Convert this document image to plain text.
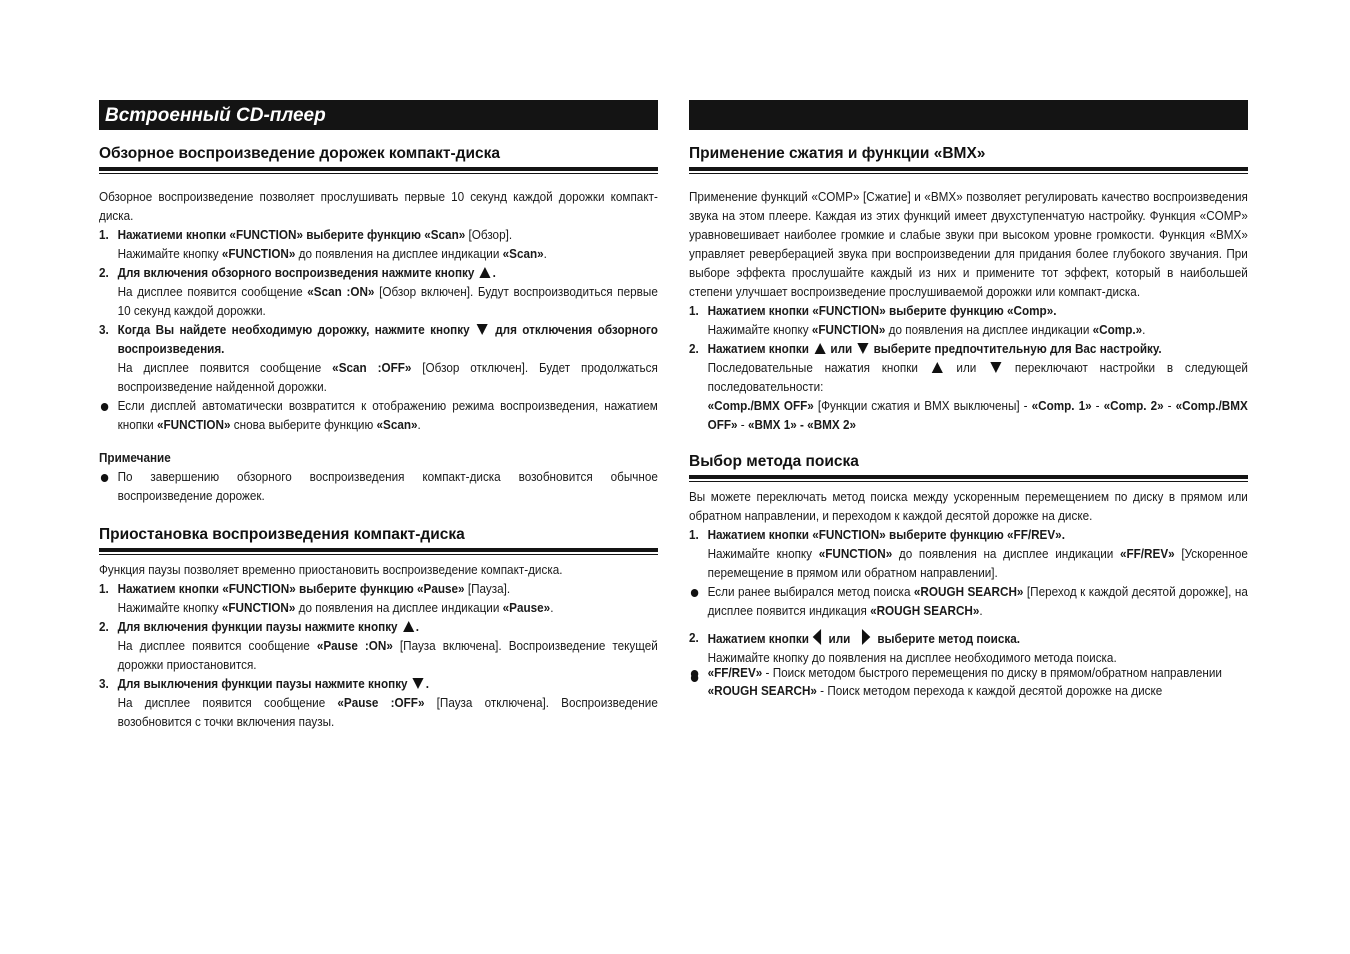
Встроенный CD-плеер
Обзорное воспроизведение дорожек компакт-диска

Обзорное воспроизведение позволяет прослушивать первые 10 секунд каждой дорожки компакт-диска.

1. Нажатиеми кнопки «FUNCTION» выберите функцию «Scan» [Обзор].
Нажимайте кнопку «FUNCTION» до появления на дисплее индикации «Scan».

2. Для включения обзорного воспроизведения нажмите кнопку .
На дисплее появится сообщение «Scan :ON» [Обзор включен]. Будут воспроизводиться первые 10 секунд каждой дорожки.

3. Когда Вы найдете необходимую дорожку, нажмите кнопку для отключения обзорного воспроизведения.
На дисплее появится сообщение «Scan :OFF» [Обзор отключен]. Будет продолжаться воспроизведение найденной дорожки.

Если дисплей автоматически возвратится к отображению режима воспроизведения, нажатием кнопки «FUNCTION» снова выберите функцию «Scan».

Примечание

По завершению обзорного воспроизведения компакт-диска возобновится обычное воспроизведение дорожек.

Приостановка воспроизведения компакт-диска

Функция паузы позволяет временно приостановить воспроизведение компакт-диска.

1. Нажатием кнопки «FUNCTION» выберите функцию «Pause» [Пауза].
Нажимайте кнопку «FUNCTION» до появления на дисплее индикации «Pause».

2. Для включения функции паузы нажмите кнопку .
На дисплее появится сообщение «Pause :ON» [Пауза включена]. Воспроизведение текущей дорожки приостановится.

3. Для выключения функции паузы нажмите кнопку .
На дисплее появится сообщение «Pause :OFF» [Пауза отключена]. Воспроизведение возобновится с точки включения паузы.

Применение сжатия и функции «BMX»

Применение функций «COMP» [Сжатие] и «BMX» позволяет регулировать качество воспроизведения звука на этом плеере. Каждая из этих функций имеет двухступенчатую настройку. Функция «COMP» уравновешивает наиболее громкие и слабые звуки при высоком уровне громкости. Функция «BMX» управляет реверберацией звука при воспроизведении для придания более глубокого звучания. При выборе эффекта прослушайте каждый из них и примените тот эффект, который в наибольшей степени улучшает воспроизведение прослушиваемой дорожки или компакт-диска.

1. Нажатием кнопки «FUNCTION» выберите функцию «Comp».
Нажимайте кнопку «FUNCTION» до появления на дисплее индикации «Comp.».

2. Нажатием кнопки или выберите предпочтительную для Вас настройку.
Последовательные нажатия кнопки	или	переключают настройки в следующей последовательности:
«Comp./BMX OFF» [Функции сжатия и BMX выключены] - «Comp. 1» - «Comp. 2» - «Comp./BMX OFF» - «BMX 1» - «BMX 2»

Выбор метода поиска

Вы можете переключать метод поиска между ускоренным перемещением по диску в прямом или обратном направлении, и переходом к каждой десятой дорожке на диске.

1. Нажатием кнопки «FUNCTION» выберите функцию «FF/REV».
Нажимайте кнопку «FUNCTION» до появления на дисплее индикации «FF/REV» [Ускоренное перемещение в прямом или обратном направлении].

Если ранее выбирался метод поиска «ROUGH SEARCH» [Переход к каждой десятой дорожке], на дисплее появится индикация «ROUGH SEARCH».

2. Нажатием кнопки или выберите метод поиска.

Нажимайте кнопку до появления на дисплее необходимого метода поиска.

«FF/REV» - Поиск методом быстрого перемещения по диску в прямом/обратном направлении

«ROUGH SEARCH» - Поиск методом перехода к каждой десятой дорожке на диске
